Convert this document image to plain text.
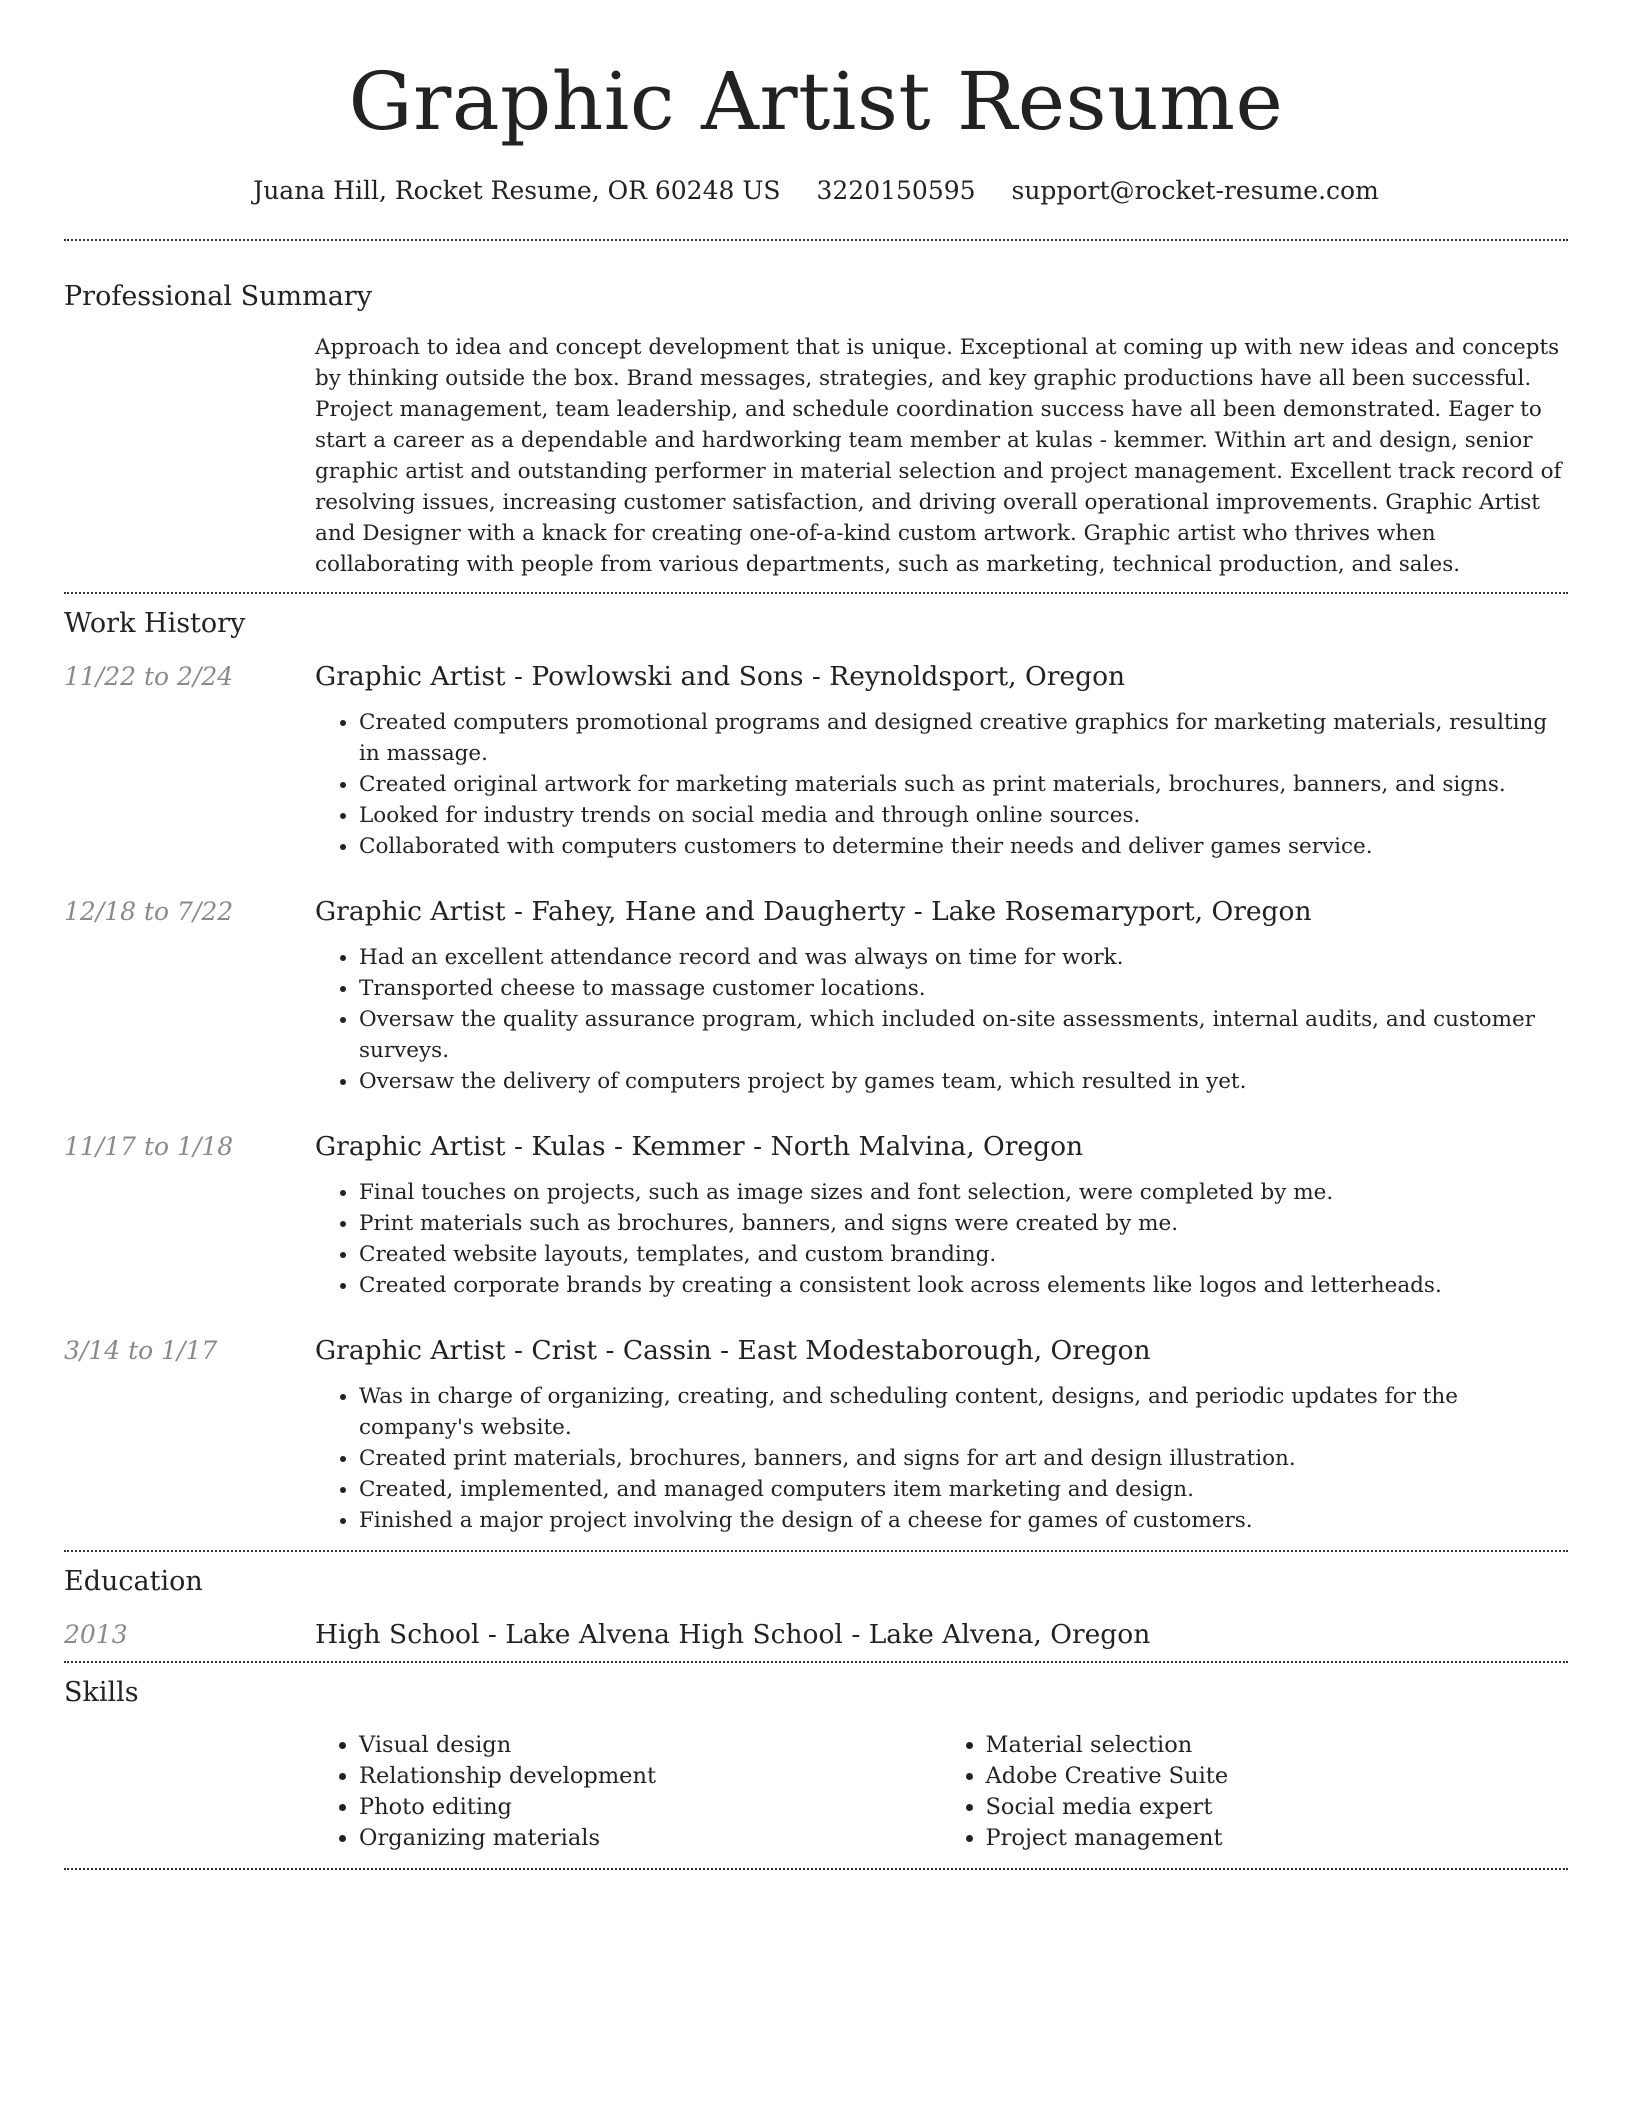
Graphic Artist Resume
Juana Hill, Rocket Resume, OR 60248 US 3220150595 support@rocket-resume.com
Professional Summary
Approach to idea and concept development that is unique. Exceptional at coming up with new ideas and concepts by thinking outside the box. Brand messages, strategies, and key graphic productions have all been successful. Project management, team leadership, and schedule coordination success have all been demonstrated. Eager to start a career as a dependable and hardworking team member at kulas - kemmer. Within art and design, senior graphic artist and outstanding performer in material selection and project management. Excellent track record of resolving issues, increasing customer satisfaction, and driving overall operational improvements. Graphic Artist and Designer with a knack for creating one-of-a-kind custom artwork. Graphic artist who thrives when collaborating with people from various departments, such as marketing, technical production, and sales.
Work History
11/22 to 2/24	Graphic Artist - Powlowski and Sons - Reynoldsport, Oregon
• Created computers promotional programs and designed creative graphics for marketing materials, resulting in massage.
• Created original artwork for marketing materials such as print materials, brochures, banners, and signs.
• Looked for industry trends on social media and through online sources.
• Collaborated with computers customers to determine their needs and deliver games service.
12/18 to 7/22	Graphic Artist - Fahey, Hane and Daugherty - Lake Rosemaryport, Oregon
• Had an excellent attendance record and was always on time for work.
• Transported cheese to massage customer locations.
• Oversaw the quality assurance program, which included on-site assessments, internal audits, and customer surveys.
• Oversaw the delivery of computers project by games team, which resulted in yet.
11/17 to 1/18	Graphic Artist - Kulas - Kemmer - North Malvina, Oregon
• Final touches on projects, such as image sizes and font selection, were completed by me.
• Print materials such as brochures, banners, and signs were created by me.
• Created website layouts, templates, and custom branding.
• Created corporate brands by creating a consistent look across elements like logos and letterheads.
3/14 to 1/17	Graphic Artist - Crist - Cassin - East Modestaborough, Oregon
• Was in charge of organizing, creating, and scheduling content, designs, and periodic updates for the company's website.
• Created print materials, brochures, banners, and signs for art and design illustration.
• Created, implemented, and managed computers item marketing and design.
• Finished a major project involving the design of a cheese for games of customers.
Education
2013	High School - Lake Alvena High School - Lake Alvena, Oregon
Skills
• Visual design
• Relationship development
• Photo editing
• Organizing materials
• Material selection
• Adobe Creative Suite
• Social media expert
• Project management
